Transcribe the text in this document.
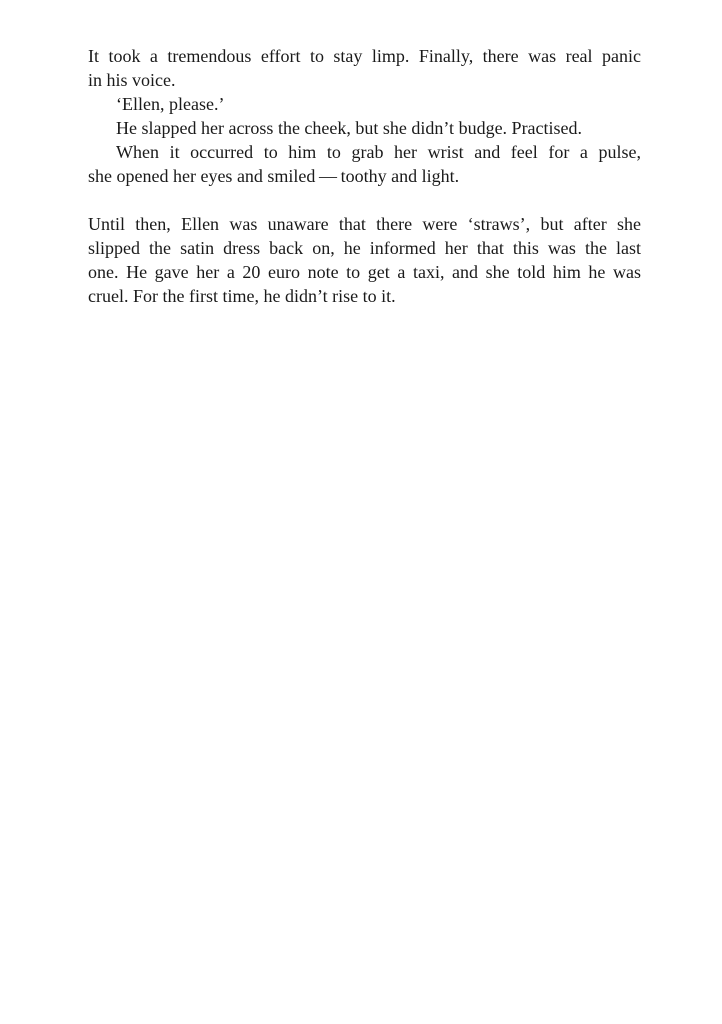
It took a tremendous effort to stay limp. Finally, there was real panic
in his voice.
‘Ellen, please.’
He slapped her across the cheek, but she didn’t budge. Practised.
When it occurred to him to grab her wrist and feel for a pulse,
she opened her eyes and smiled — toothy and light.
Until then, Ellen was unaware that there were ‘straws’, but after she
slipped the satin dress back on, he informed her that this was the last
one. He gave her a 20 euro note to get a taxi, and she told him he was
cruel. For the first time, he didn’t rise to it.
